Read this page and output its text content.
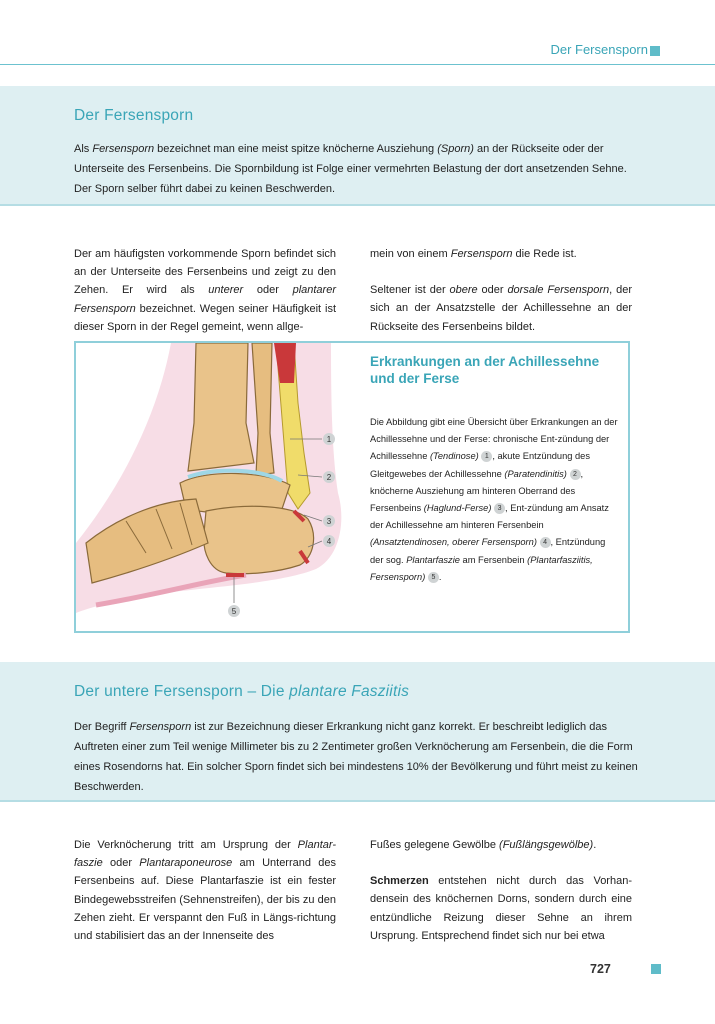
Der Fersensporn
Der Fersensporn
Als Fersensporn bezeichnet man eine meist spitze knöcherne Ausziehung (Sporn) an der Rückseite oder der Unterseite des Fersenbeins. Die Spornbildung ist Folge einer vermehrten Belastung der dort ansetzenden Sehne. Der Sporn selber führt dabei zu keinen Beschwerden.

Der am häufigsten vorkommende Sporn befindet sich an der Unterseite des Fersenbeins und zeigt zu den Zehen. Er wird als unterer oder plantarer Fersensporn bezeichnet. Wegen seiner Häufigkeit ist dieser Sporn in der Regel gemeint, wenn allge-

mein von einem Fersensporn die Rede ist.

Seltener ist der obere oder dorsale Fersensporn, der sich an der Ansatzstelle der Achillessehne an der Rückseite des Fersenbeins bildet.

1
2
3
4
5
Erkrankungen an der Achillessehne und der Ferse
Die Abbildung gibt eine Übersicht über Erkrankungen an der Achillessehne und der Ferse: chronische Ent-zündung der Achillessehne (Tendinose) 1 , akute Entzündung des Gleitgewebes der Achillessehne (Paratendinitis) 2 , knöcherne Ausziehung am hinteren Oberrand des Fersenbeins (Haglund-Ferse) 3 , Ent-zündung am Ansatz der Achillessehne am hinteren Fersenbein (Ansatztendinosen, oberer Fersensporn) 4 , Entzündung der sog. Plantarfaszie am Fersenbein (Plantarfasziitis, Fersensporn) 5 .
Der untere Fersensporn – Die plantare Fasziitis
Der Begriff Fersensporn ist zur Bezeichnung dieser Erkrankung nicht ganz korrekt. Er beschreibt lediglich das Auftreten einer zum Teil wenige Millimeter bis zu 2 Zentimeter großen Verknöcherung am Fersenbein, die die Form eines Rosendorns hat. Ein solcher Sporn findet sich bei mindestens 10% der Bevölkerung und führt meist zu keinen Beschwerden.

Die Verknöcherung tritt am Ursprung der Plantar-faszie oder Plantaraponeurose am Unterrand des Fersenbeins auf. Diese Plantarfaszie ist ein fester Bindegewebsstreifen (Sehnenstreifen), der bis zu den Zehen zieht. Er verspannt den Fuß in Längs-richtung und stabilisiert das an der Innenseite des

Fußes gelegene Gewölbe (Fußlängsgewölbe).

Schmerzen entstehen nicht durch das Vorhan-densein des knöchernen Dorns, sondern durch eine entzündliche Reizung dieser Sehne an ihrem Ursprung. Entsprechend findet sich nur bei etwa

727
